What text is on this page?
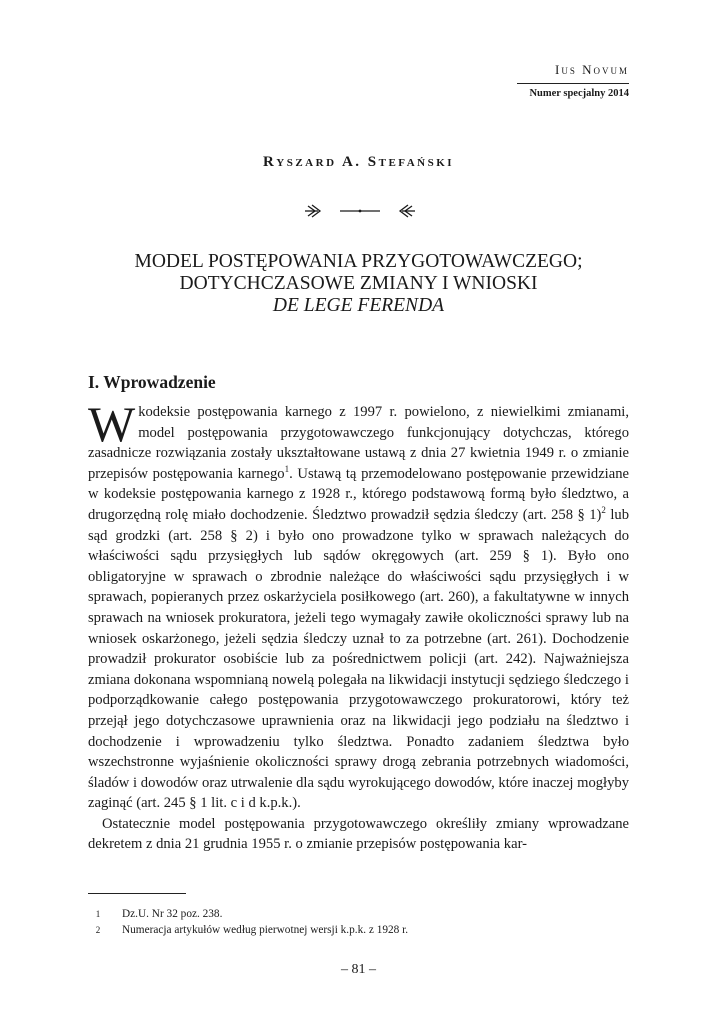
Ius Novum
Numer specjalny 2014
Ryszard A. Stefański
MODEL POSTĘPOWANIA PRZYGOTOWAWCZEGO;
DOTYCHCZASOWE ZMIANY I WNIOSKI
DE LEGE FERENDA
I. Wprowadzenie

Wkodeksie postępowania karnego z 1997 r. powielono, z niewielkimi zmianami, model postępowania przygotowawczego funkcjonujący dotychczas, którego zasadnicze rozwiązania zostały ukształtowane ustawą z dnia 27 kwietnia 1949 r. o zmianie przepisów postępowania karnego$^1$. Ustawą tą przemodelowano postępowanie przewidziane w kodeksie postępowania karnego z 1928 r., którego podstawową formą było śledztwo, a drugorzędną rolę miało dochodzenie. Śledztwo prowadził sędzia śledczy (art. 258 § 1)$^2$ lub sąd grodzki (art. 258 § 2) i było ono prowadzone tylko w sprawach należących do właściwości sądu przysięgłych lub sądów okręgowych (art. 259 § 1). Było ono obligatoryjne w sprawach o zbrodnie należące do właściwości sądu przysięgłych i w sprawach, popieranych przez oskarżyciela posiłkowego (art. 260), a fakultatywne w innych sprawach na wniosek prokuratora, jeżeli tego wymagały zawiłe okoliczności sprawy lub na wniosek oskarżonego, jeżeli sędzia śledczy uznał to za potrzebne (art. 261). Dochodzenie prowadził prokurator osobiście lub za pośrednictwem policji (art. 242). Najważniejsza zmiana dokonana wspomnianą nowelą polegała na likwidacji instytucji sędziego śledczego i podporządkowanie całego postępowania przygotowawczego prokuratorowi, który też przejął jego dotychczasowe uprawnienia oraz na likwidacji jego podziału na śledztwo i dochodzenie i wprowadzeniu tylko śledztwa. Ponadto zadaniem śledztwa było wszechstronne wyjaśnienie okoliczności sprawy drogą zebrania potrzebnych wiadomości, śladów i dowodów oraz utrwalenie dla sądu wyrokującego dowodów, które inaczej mogłyby zaginąć (art. 245 § 1 lit. c i d k.p.k.).

Ostatecznie model postępowania przygotowawczego określiły zmiany wprowadzane dekretem z dnia 21 grudnia 1955 r. o zmianie przepisów postępowania kar-

1	Dz.U. Nr 32 poz. 238.
2	Numeracja artykułów według pierwotnej wersji k.p.k. z 1928 r.
– 81 –
